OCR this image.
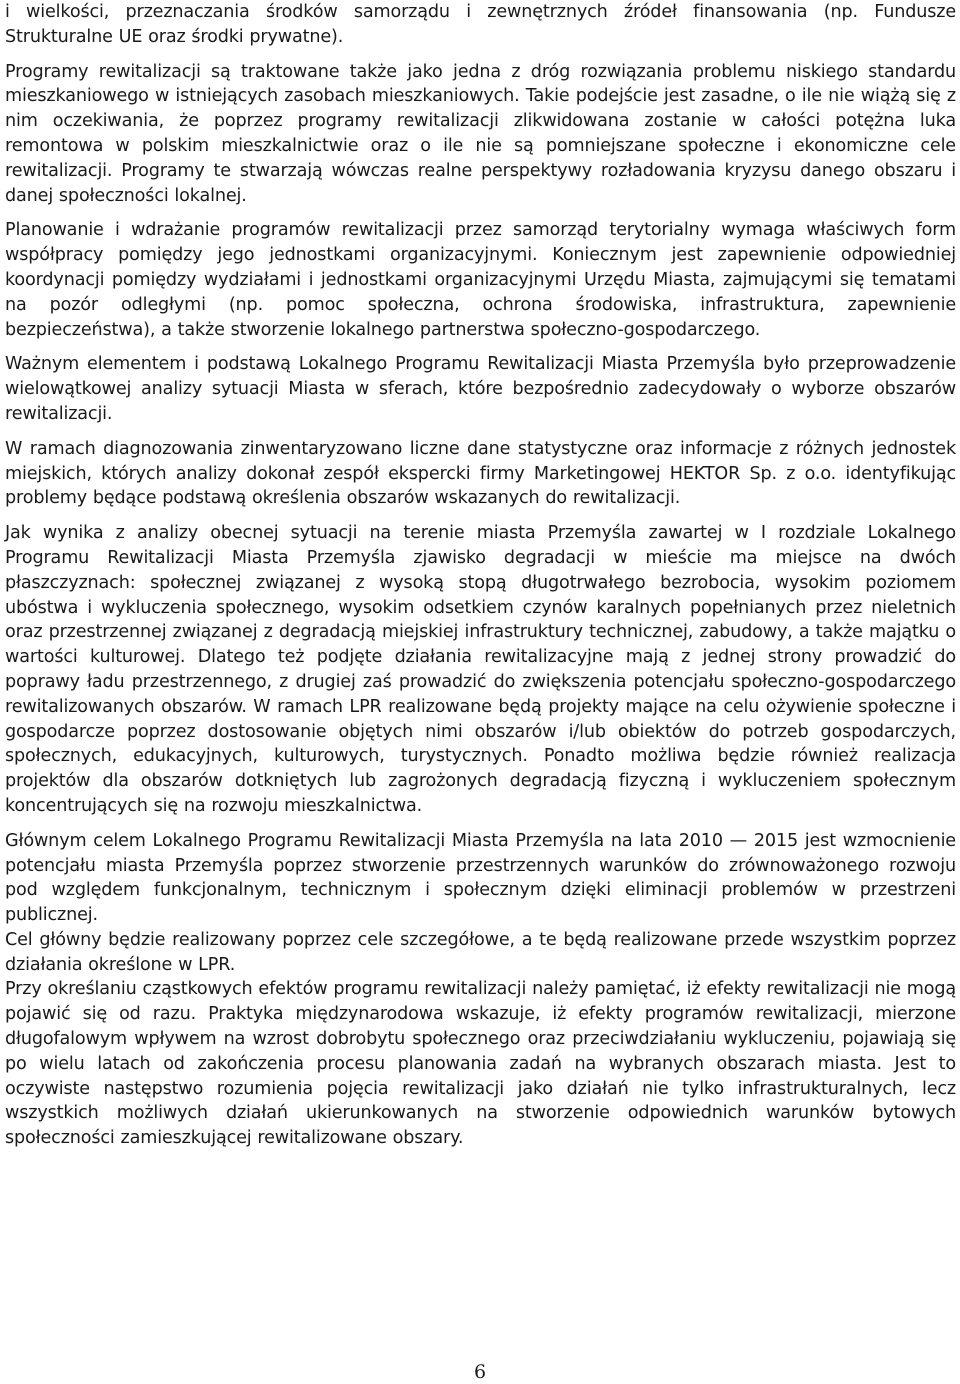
i wielkości, przeznaczania środków samorządu i zewnętrznych źródeł finansowania (np. Fundusze Strukturalne UE oraz środki prywatne).

Programy rewitalizacji są traktowane także jako jedna z dróg rozwiązania problemu niskiego standardu mieszkaniowego w istniejących zasobach mieszkaniowych. Takie podejście jest zasadne, o ile nie wiążą się z nim oczekiwania, że poprzez programy rewitalizacji zlikwidowana zostanie w całości potężna luka remontowa w polskim mieszkalnictwie oraz o ile nie są pomniejszane społeczne i ekonomiczne cele rewitalizacji. Programy te stwarzają wówczas realne perspektywy rozładowania kryzysu danego obszaru i danej społeczności lokalnej.

Planowanie i wdrażanie programów rewitalizacji przez samorząd terytorialny wymaga właściwych form współpracy pomiędzy jego jednostkami organizacyjnymi. Koniecznym jest zapewnienie odpowiedniej koordynacji pomiędzy wydziałami i jednostkami organizacyjnymi Urzędu Miasta, zajmującymi się tematami na pozór odległymi (np. pomoc społeczna, ochrona środowiska, infrastruktura, zapewnienie bezpieczeństwa), a także stworzenie lokalnego partnerstwa społeczno-gospodarczego.

Ważnym elementem i podstawą Lokalnego Programu Rewitalizacji Miasta Przemyśla było przeprowadzenie wielowątkowej analizy sytuacji Miasta w sferach, które bezpośrednio zadecydowały o wyborze obszarów rewitalizacji.

W ramach diagnozowania zinwentaryzowano liczne dane statystyczne oraz informacje z różnych jednostek miejskich, których analizy dokonał zespół ekspercki firmy Marketingowej HEKTOR Sp. z o.o. identyfikując problemy będące podstawą określenia obszarów wskazanych do rewitalizacji.

Jak wynika z analizy obecnej sytuacji na terenie miasta Przemyśla zawartej w I rozdziale Lokalnego Programu Rewitalizacji Miasta Przemyśla zjawisko degradacji w mieście ma miejsce na dwóch płaszczyznach: społecznej związanej z wysoką stopą długotrwałego bezrobocia, wysokim poziomem ubóstwa i wykluczenia społecznego, wysokim odsetkiem czynów karalnych popełnianych przez nieletnich oraz przestrzennej związanej z degradacją miejskiej infrastruktury technicznej, zabudowy, a także majątku o wartości kulturowej. Dlatego też podjęte działania rewitalizacyjne mają z jednej strony prowadzić do poprawy ładu przestrzennego, z drugiej zaś prowadzić do zwiększenia potencjału społeczno-gospodarczego rewitalizowanych obszarów. W ramach LPR realizowane będą projekty mające na celu ożywienie społeczne i gospodarcze poprzez dostosowanie objętych nimi obszarów i/lub obiektów do potrzeb gospodarczych, społecznych, edukacyjnych, kulturowych, turystycznych. Ponadto możliwa będzie również realizacja projektów dla obszarów dotkniętych lub zagrożonych degradacją fizyczną i wykluczeniem społecznym koncentrujących się na rozwoju mieszkalnictwa.

Głównym celem Lokalnego Programu Rewitalizacji Miasta Przemyśla na lata 2010 — 2015 jest wzmocnienie potencjału miasta Przemyśla poprzez stworzenie przestrzennych warunków do zrównoważonego rozwoju pod względem funkcjonalnym, technicznym i społecznym dzięki eliminacji problemów w przestrzeni publicznej.

Cel główny będzie realizowany poprzez cele szczegółowe, a te będą realizowane przede wszystkim poprzez działania określone w LPR.

Przy określaniu cząstkowych efektów programu rewitalizacji należy pamiętać, iż efekty rewitalizacji nie mogą pojawić się od razu. Praktyka międzynarodowa wskazuje, iż efekty programów rewitalizacji, mierzone długofalowym wpływem na wzrost dobrobytu społecznego oraz przeciwdziałaniu wykluczeniu, pojawiają się po wielu latach od zakończenia procesu planowania zadań na wybranych obszarach miasta. Jest to oczywiste następstwo rozumienia pojęcia rewitalizacji jako działań nie tylko infrastrukturalnych, lecz wszystkich możliwych działań ukierunkowanych na stworzenie odpowiednich warunków bytowych społeczności zamieszkującej rewitalizowane obszary.

6
